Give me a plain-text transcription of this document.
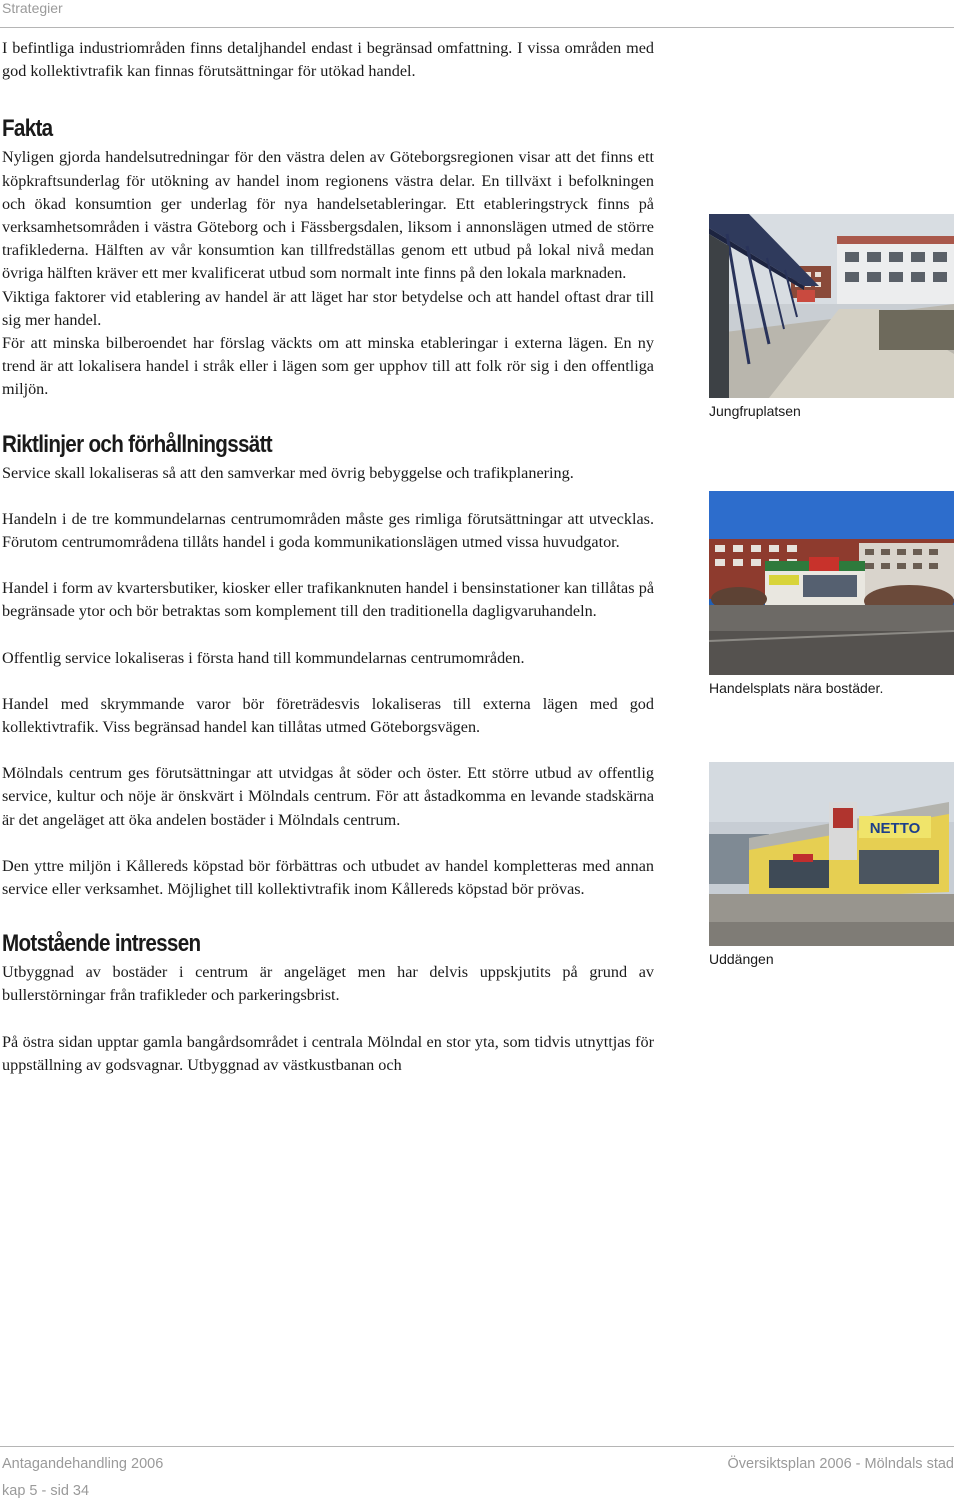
Strategier

I befintliga industriområden finns detaljhandel endast i begränsad omfattning. I vissa områden med god kollektivtrafik kan finnas förutsättningar för utökad handel.

Fakta

Nyligen gjorda handelsutredningar för den västra delen av Göteborgsregionen visar att det finns ett köpkraftsunderlag för utökning av handel inom regionens västra delar. En tillväxt i befolkningen och ökad konsumtion ger underlag för nya handelsetableringar. Ett etableringstryck finns på verksamhetsområden i västra Göteborg och i Fässbergsdalen, liksom i annonslägen utmed de större trafiklederna. Hälften av vår konsumtion kan tillfredställas genom ett utbud på lokal nivå medan övriga hälften kräver ett mer kvalificerat utbud som normalt inte finns på den lokala marknaden.

Viktiga faktorer vid etablering av handel är att läget har stor betydelse och att handel oftast drar till sig mer handel.

För att minska bilberoendet har förslag väckts om att minska etableringar i externa lägen. En ny trend är att lokalisera handel i stråk eller i lägen som ger upphov till att folk rör sig i den offentliga miljön.

Riktlinjer och förhållningssätt

Service skall lokaliseras så att den samverkar med övrig bebyggelse och trafikplanering.

Handeln i de tre kommundelarnas centrumområden måste ges rimliga förutsättningar att utvecklas. Förutom centrumområdena tillåts handel i goda kommunikationslägen utmed vissa huvudgator.

Handel i form av kvartersbutiker, kiosker eller trafikanknuten handel i bensinstationer kan tillåtas på begränsade ytor och bör betraktas som komplement till den traditionella dagligvaruhandeln.

Offentlig service lokaliseras i första hand till kommundelarnas centrumområden.

Handel med skrymmande varor bör företrädesvis lokaliseras till externa lägen med god kollektivtrafik. Viss begränsad handel kan tillåtas utmed Göteborgsvägen.

Mölndals centrum ges förutsättningar att utvidgas åt söder och öster. Ett större utbud av offentlig service, kultur och nöje är önskvärt i Mölndals centrum. För att åstadkomma en levande stadskärna är det angeläget att öka andelen bostäder i Mölndals centrum.

Den yttre miljön i Kållereds köpstad bör förbättras och utbudet av handel kompletteras med annan service eller verksamhet. Möjlighet till kollektivtrafik inom Kållereds köpstad bör prövas.

Motstående intressen

Utbyggnad av bostäder i centrum är angeläget men har delvis uppskjutits på grund av bullerstörningar från trafikleder och parkeringsbrist.

På östra sidan upptar gamla bangårdsområdet i centrala Mölndal en stor yta, som tidvis utnyttjas för uppställning av godsvagnar. Utbyggnad av västkustbanan och

Jungfruplatsen
Handelsplats nära bostäder.
NETTO
Uddängen
Antagandehandling 2006
kap 5 - sid 34
Översiktsplan 2006 - Mölndals stad
